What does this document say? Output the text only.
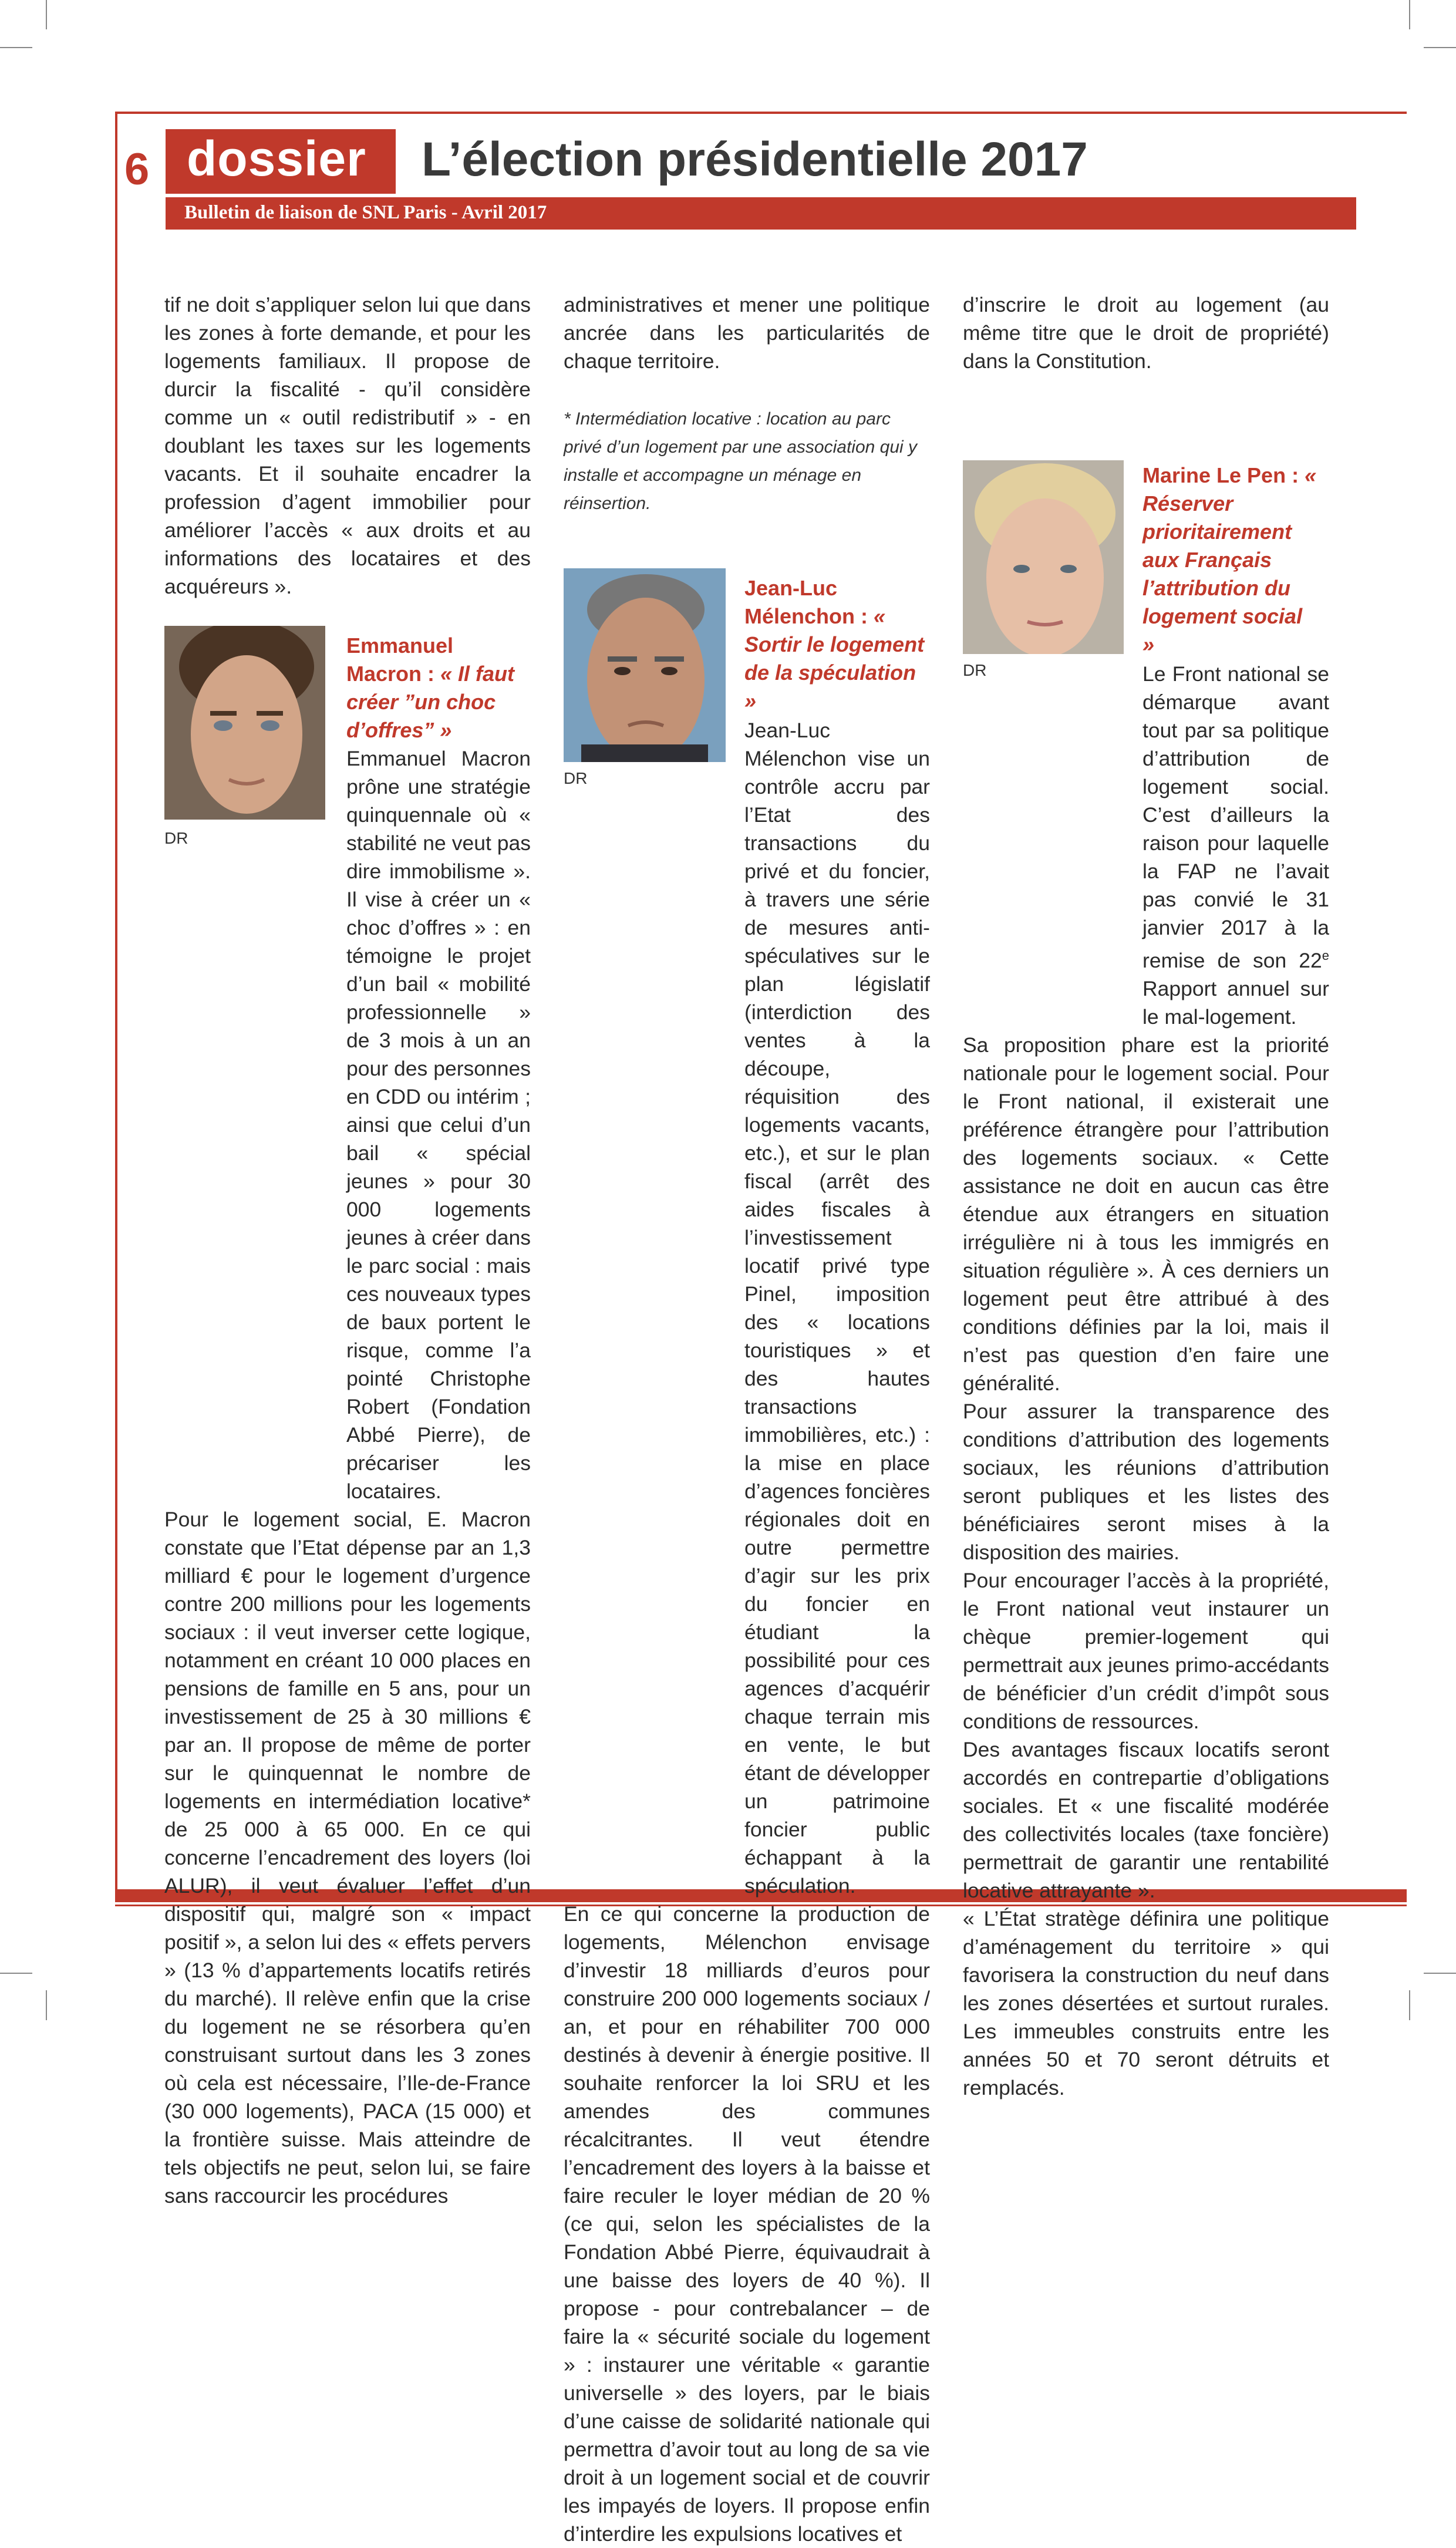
6 dossier L’élection présidentielle 2017
Bulletin de liaison de SNL Paris - Avril 2017

tif ne doit s’appliquer selon lui que dans les zones à forte demande, et pour les logements familiaux. Il propose de durcir la fiscalité - qu’il considère comme un « outil redistributif » - en doublant les taxes sur les logements vacants. Et il souhaite encadrer la profession d’agent immobilier pour améliorer l’accès « aux droits et au informations des locataires et des acquéreurs ».

DR
Emmanuel Macron : « Il faut créer ”un choc d’offres” »

Emmanuel Macron prône une stratégie quinquennale où « stabilité ne veut pas dire immobilisme ». Il vise à créer un « choc d’offres » : en témoigne le projet d’un bail « mobilité professionnelle » de 3 mois à un an pour des personnes en CDD ou intérim ; ainsi que celui d’un bail « spécial jeunes » pour 30 000 logements jeunes à créer dans le parc social : mais ces nouveaux types de baux portent le risque, comme l’a pointé Christophe Robert (Fondation Abbé Pierre), de précariser les locataires.

Pour le logement social, E. Macron constate que l’Etat dépense par an 1,3 milliard € pour le logement d’urgence contre 200 millions pour les logements sociaux : il veut inverser cette logique, notamment en créant 10 000 places en pensions de famille en 5 ans, pour un investissement de 25 à 30 millions € par an. Il propose de même de porter sur le quinquennat le nombre de logements en intermédiation locative* de 25 000 à 65 000. En ce qui concerne l’encadrement des loyers (loi ALUR), il veut évaluer l’effet d’un dispositif qui, malgré son « impact positif », a selon lui des « effets pervers » (13 % d’appartements locatifs retirés du marché). Il relève enfin que la crise du logement ne se résorbera qu’en construisant surtout dans les 3 zones où cela est nécessaire, l’Ile-de-France (30 000 logements), PACA (15 000) et la frontière suisse. Mais atteindre de tels objectifs ne peut, selon lui, se faire sans raccourcir les procédures

administratives et mener une politique ancrée dans les particularités de chaque territoire.

* Intermédiation locative : location au parc privé d’un logement par une association qui y installe et accompagne un ménage en réinsertion.
DR
Jean-Luc Mélenchon : « Sortir le logement de la spéculation »

Jean-Luc Mélenchon vise un contrôle accru par l’Etat des transactions du privé et du foncier, à travers une série de mesures anti-spéculatives sur le plan législatif (interdiction des ventes à la découpe, réquisition des logements vacants, etc.), et sur le plan fiscal (arrêt des aides fiscales à l’investissement locatif privé type Pinel, imposition des « locations touristiques » et des hautes transactions immobilières, etc.) : la mise en place d’agences foncières régionales doit en outre permettre d’agir sur les prix du foncier en étudiant la possibilité pour ces agences d’acquérir chaque terrain mis en vente, le but étant de développer un patrimoine foncier public échappant à la spéculation.

En ce qui concerne la production de logements, Mélenchon envisage d’investir 18 milliards d’euros pour construire 200 000 logements sociaux / an, et pour en réhabiliter 700 000 destinés à devenir à énergie positive. Il souhaite renforcer la loi SRU et les amendes des communes récalcitrantes. Il veut étendre l’encadrement des loyers à la baisse et faire reculer le loyer médian de 20 % (ce qui, selon les spécialistes de la Fondation Abbé Pierre, équivaudrait à une baisse des loyers de 40 %). Il propose - pour contrebalancer – de faire la « sécurité sociale du logement » : instaurer une véritable « garantie universelle » des loyers, par le biais d’une caisse de solidarité nationale qui permettra d’avoir tout au long de sa vie droit à un logement social et de couvrir les impayés de loyers. Il propose enfin d’interdire les expulsions locatives et

d’inscrire le droit au logement (au même titre que le droit de propriété) dans la Constitution.

DR
Marine Le Pen : « Réserver prioritairement aux Français l’attribution du logement social »

Le Front national se démarque avant tout par sa politique d’attribution de logement social. C’est d’ailleurs la raison pour laquelle la FAP ne l’avait pas convié le 31 janvier 2017 à la remise de son 22e Rapport annuel sur le mal-logement.

Sa proposition phare est la priorité nationale pour le logement social. Pour le Front national, il existerait une préférence étrangère pour l’attribution des logements sociaux. « Cette assistance ne doit en aucun cas être étendue aux étrangers en situation irrégulière ni à tous les immigrés en situation régulière ». À ces derniers un logement peut être attribué à des conditions définies par la loi, mais il n’est pas question d’en faire une généralité.

Pour assurer la transparence des conditions d’attribution des logements sociaux, les réunions d’attribution seront publiques et les listes des bénéficiaires seront mises à la disposition des mairies.

Pour encourager l’accès à la propriété, le Front national veut instaurer un chèque premier-logement qui permettrait aux jeunes primo-accédants de bénéficier d’un crédit d’impôt sous conditions de ressources.

Des avantages fiscaux locatifs seront accordés en contrepartie d’obligations sociales. Et « une fiscalité modérée des collectivités locales (taxe foncière) permettrait de garantir une rentabilité locative attrayante ».

« L’État stratège définira une politique d’aménagement du territoire » qui favorisera la construction du neuf dans les zones désertées et surtout rurales. Les immeubles construits entre les années 50 et 70 seront détruits et remplacés.
